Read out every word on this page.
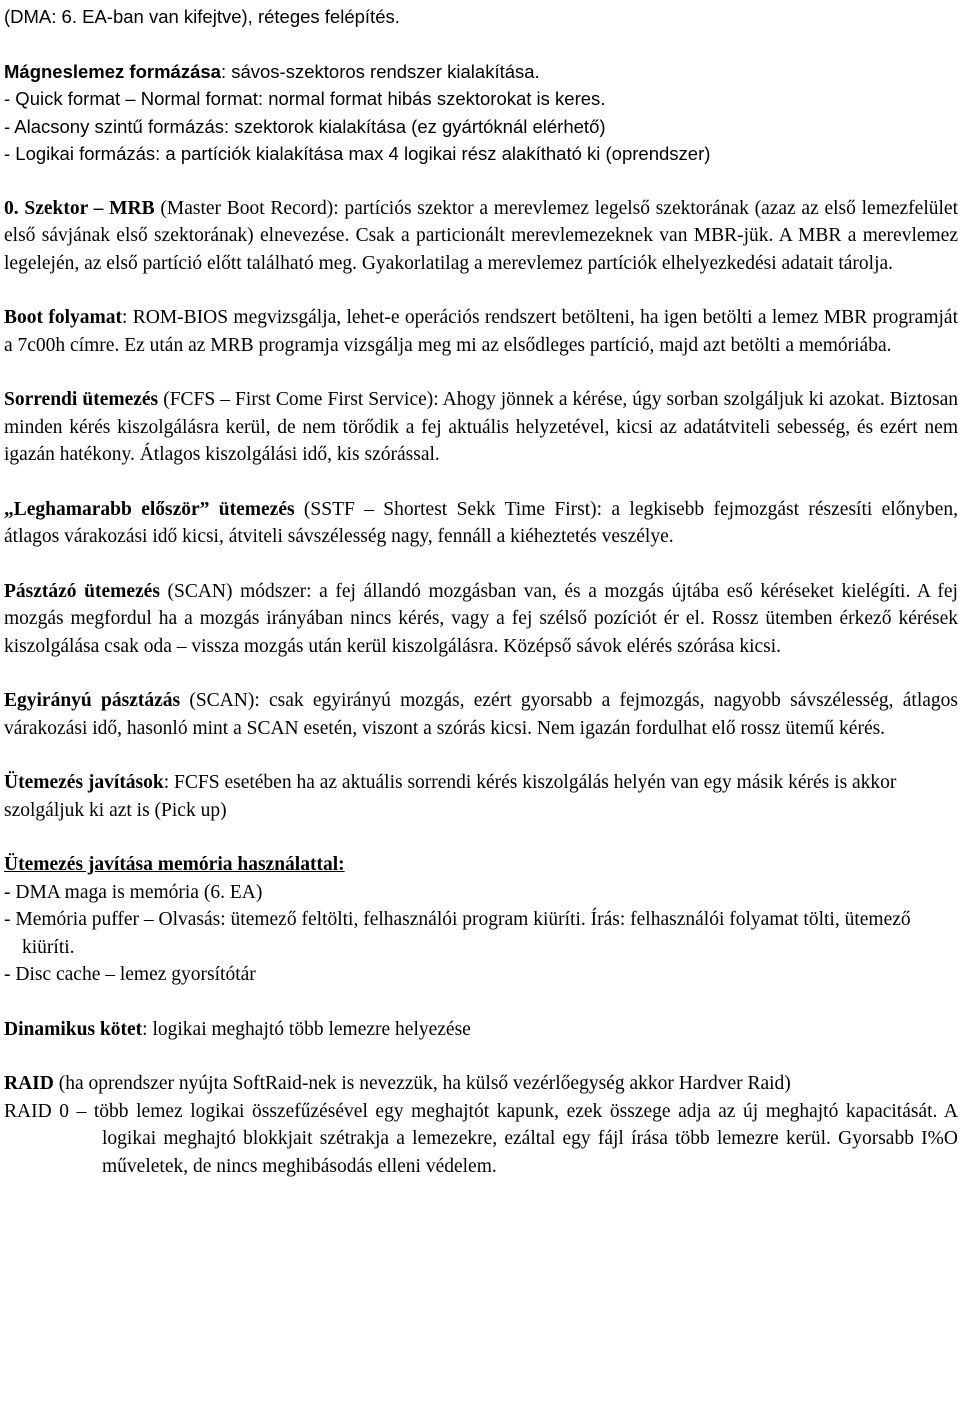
(DMA: 6. EA-ban van kifejtve), réteges felépítés.

Mágneslemez formázása: sávos-szektoros rendszer kialakítása.

- Quick format – Normal format: normal format hibás szektorokat is keres.

- Alacsony szintű formázás: szektorok kialakítása (ez gyártóknál elérhető)

- Logikai formázás: a partíciók kialakítása max 4 logikai rész alakítható ki (oprendszer)

0. Szektor – MRB (Master Boot Record): partíciós szektor a merevlemez legelső szektorának (azaz az első lemezfelület első sávjának első szektorának) elnevezése. Csak a particionált merevlemezeknek van MBR-jük. A MBR a merevlemez legelején, az első partíció előtt található meg. Gyakorlatilag a merevlemez partíciók elhelyezkedési adatait tárolja.

Boot folyamat: ROM-BIOS megvizsgálja, lehet-e operációs rendszert betölteni, ha igen betölti a lemez MBR programját a 7c00h címre. Ez után az MRB programja vizsgálja meg mi az elsődleges partíció, majd azt betölti a memóriába.

Sorrendi ütemezés (FCFS – First Come First Service): Ahogy jönnek a kérése, úgy sorban szolgáljuk ki azokat. Biztosan minden kérés kiszolgálásra kerül, de nem törődik a fej aktuális helyzetével, kicsi az adatátviteli sebesség, és ezért nem igazán hatékony. Átlagos kiszolgálási idő, kis szórással.

„Leghamarabb először” ütemezés (SSTF – Shortest Sekk Time First): a legkisebb fejmozgást részesíti előnyben, átlagos várakozási idő kicsi, átviteli sávszélesség nagy, fennáll a kiéheztetés veszélye.

Pásztázó ütemezés (SCAN) módszer: a fej állandó mozgásban van, és a mozgás újtába eső kéréseket kielégíti. A fej mozgás megfordul ha a mozgás irányában nincs kérés, vagy a fej szélső pozíciót ér el. Rossz ütemben érkező kérések kiszolgálása csak oda – vissza mozgás után kerül kiszolgálásra. Középső sávok elérés szórása kicsi.

Egyirányú pásztázás (SCAN): csak egyirányú mozgás, ezért gyorsabb a fejmozgás, nagyobb sávszélesség, átlagos várakozási idő, hasonló mint a SCAN esetén, viszont a szórás kicsi. Nem igazán fordulhat elő rossz ütemű kérés.

Ütemezés javítások: FCFS esetében ha az aktuális sorrendi kérés kiszolgálás helyén van egy másik kérés is akkor szolgáljuk ki azt is (Pick up)

Ütemezés javítása memória használattal:

- DMA maga is memória (6. EA)

- Memória puffer – Olvasás: ütemező feltölti, felhasználói program kiüríti. Írás: felhasználói folyamat tölti, ütemező kiüríti.

- Disc cache – lemez gyorsítótár

Dinamikus kötet: logikai meghajtó több lemezre helyezése

RAID (ha oprendszer nyújta SoftRaid-nek is nevezzük, ha külső vezérlőegység akkor Hardver Raid)

RAID 0 – több lemez logikai összefűzésével egy meghajtót kapunk, ezek összege adja az új meghajtó kapacitását. A logikai meghajtó blokkjait szétrakja a lemezekre, ezáltal egy fájl írása több lemezre kerül. Gyorsabb I%O műveletek, de nincs meghibásodás elleni védelem.
